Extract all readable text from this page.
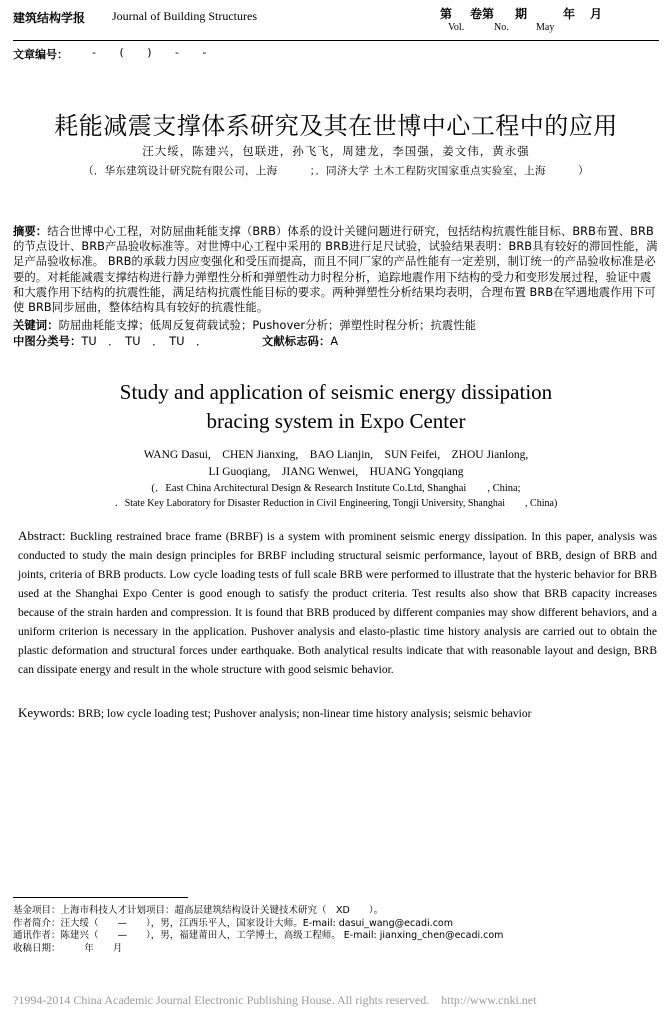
建筑结构学报 Journal of Building Structures	第 卷第 期	年 月
Vol.	No.	May
文章编号： - ( ) - -
耗能减震支撑体系研究及其在世博中心工程中的应用
汪大绥，陈建兴，包联进，孙飞飞，周建龙，李国强，姜文伟，黄永强
（．华东建筑设计研究院有限公司，上海　　　；．同济大学 土木工程防灾国家重点实验室，上海　　　）
摘要：结合世博中心工程，对防屈曲耗能支撑（BRB）体系的设计关键问题进行研究，包括结构抗震性能目标、BRB布置、BRB的节点设计、BRB产品验收标准等。对世博中心工程中采用的 BRB进行足尺试验，试验结果表明：BRB具有较好的滞回性能，满足产品验收标准。 BRB的承载力因应变强化和受压而提高，而且不同厂家的产品性能有一定差别，制订统一的产品验收标准是必要的。对耗能减震支撑结构进行静力弹塑性分析和弹塑性动力时程分析，追踪地震作用下结构的受力和变形发展过程，验证中震和大震作用下结构的抗震性能，满足结构抗震性能目标的要求。两种弹塑性分析结果均表明，合理布置 BRB在罕遇地震作用下可使 BRB同步屈曲，整体结构具有较好的抗震性能。
关键词：防屈曲耗能支撑；低周反复荷载试验；Pushover分析；弹塑性时程分析；抗震性能
中图分类号：TU　．　TU　．　TU　．	文献标志码：A
Study and application of seismic energy dissipation
bracing system in Expo Center
WANG Dasui,　CHEN Jianxing,　BAO Lianjin,　SUN Feifei,　ZHOU Jianlong,
LI Guoqiang,　JIANG Wenwei,　HUANG Yongqiang
(．East China Architectural Design & Research Institute Co.Ltd, Shanghai　　, China;
．State Key Laboratory for Disaster Reduction in Civil Engineering, Tongji University, Shanghai　　, China)
Abstract: Buckling restrained brace frame (BRBF) is a system with prominent seismic energy dissipation. In this paper, analysis was conducted to study the main design principles for BRBF including structural seismic performance, layout of BRB, design of BRB and joints, criteria of BRB products. Low cycle loading tests of full scale BRB were performed to illustrate that the hysteric behavior for BRB used at the Shanghai Expo Center is good enough to satisfy the product criteria. Test results also show that BRB capacity increases because of the strain harden and compression. It is found that BRB produced by different companies may show different behaviors, and a uniform criterion is necessary in the application. Pushover analysis and elasto-plastic time history analysis are carried out to obtain the plastic deformation and structural forces under earthquake. Both analytical results indicate that with reasonable layout and design, BRB can dissipate energy and result in the whole structure with good seismic behavior.
Keywords: BRB; low cycle loading test; Pushover analysis; non-linear time history analysis; seismic behavior

基金项目：上海市科技人才计划项目：超高层建筑结构设计关键技术研究（　XD　　）。

作者简介：汪大绥（　　—　　），男，江西乐平人，国家设计大师。E-mail: dasui_wang@ecadi.com

通讯作者：陈建兴（　　—　　），男，福建莆田人，工学博士，高级工程师。 E-mail: jianxing_chen@ecadi.com

收稿日期：　　　年　　月

?1994-2014 China Academic Journal Electronic Publishing House. All rights reserved.　http://www.cnki.net
